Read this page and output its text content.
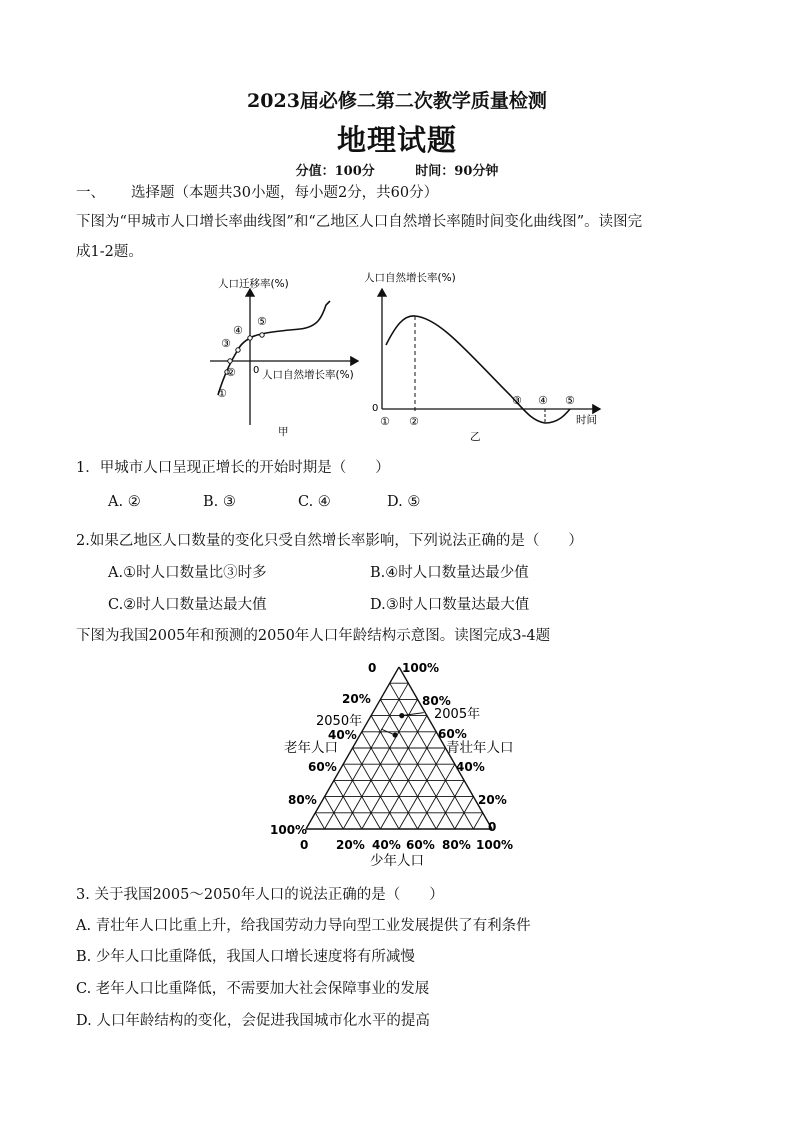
2023届必修二第二次教学质量检测
地理试题
分值：100分	时间：90分钟
一、 选择题（本题共30小题，每小题2分，共60分）
下图为“甲城市人口增长率曲线图”和“乙地区人口自然增长率随时间变化曲线图”。读图完
成1-2题。
人口迁移率(%)
人口自然增长率(%)
0
①
②
③
④
⑤
甲
人口自然增长率(%)
0
时间
① ②
③ ④ ⑤
乙
1．甲城市人口呈现正增长的开始时期是（　　）
A. ②	B. ③	C. ④	D. ⑤
2.如果乙地区人口数量的变化只受自然增长率影响，下列说法正确的是（　　）
A.①时人口数量比③时多	B.④时人口数量达最少值
C.②时人口数量达最大值	D.③时人口数量达最大值
下图为我国2005年和预测的2050年人口年龄结构示意图。读图完成3-4题
0
20%
40%
60%
80%
100%
100%
80%
60%
40%
20%
0
0 20% 40% 60% 80% 100%
老年人口	青壮年人口
少年人口
2050年	2005年
3. 关于我国2005～2050年人口的说法正确的是（　　）
A. 青壮年人口比重上升，给我国劳动力导向型工业发展提供了有利条件
B. 少年人口比重降低，我国人口增长速度将有所减慢
C. 老年人口比重降低，不需要加大社会保障事业的发展
D. 人口年龄结构的变化，会促进我国城市化水平的提高
